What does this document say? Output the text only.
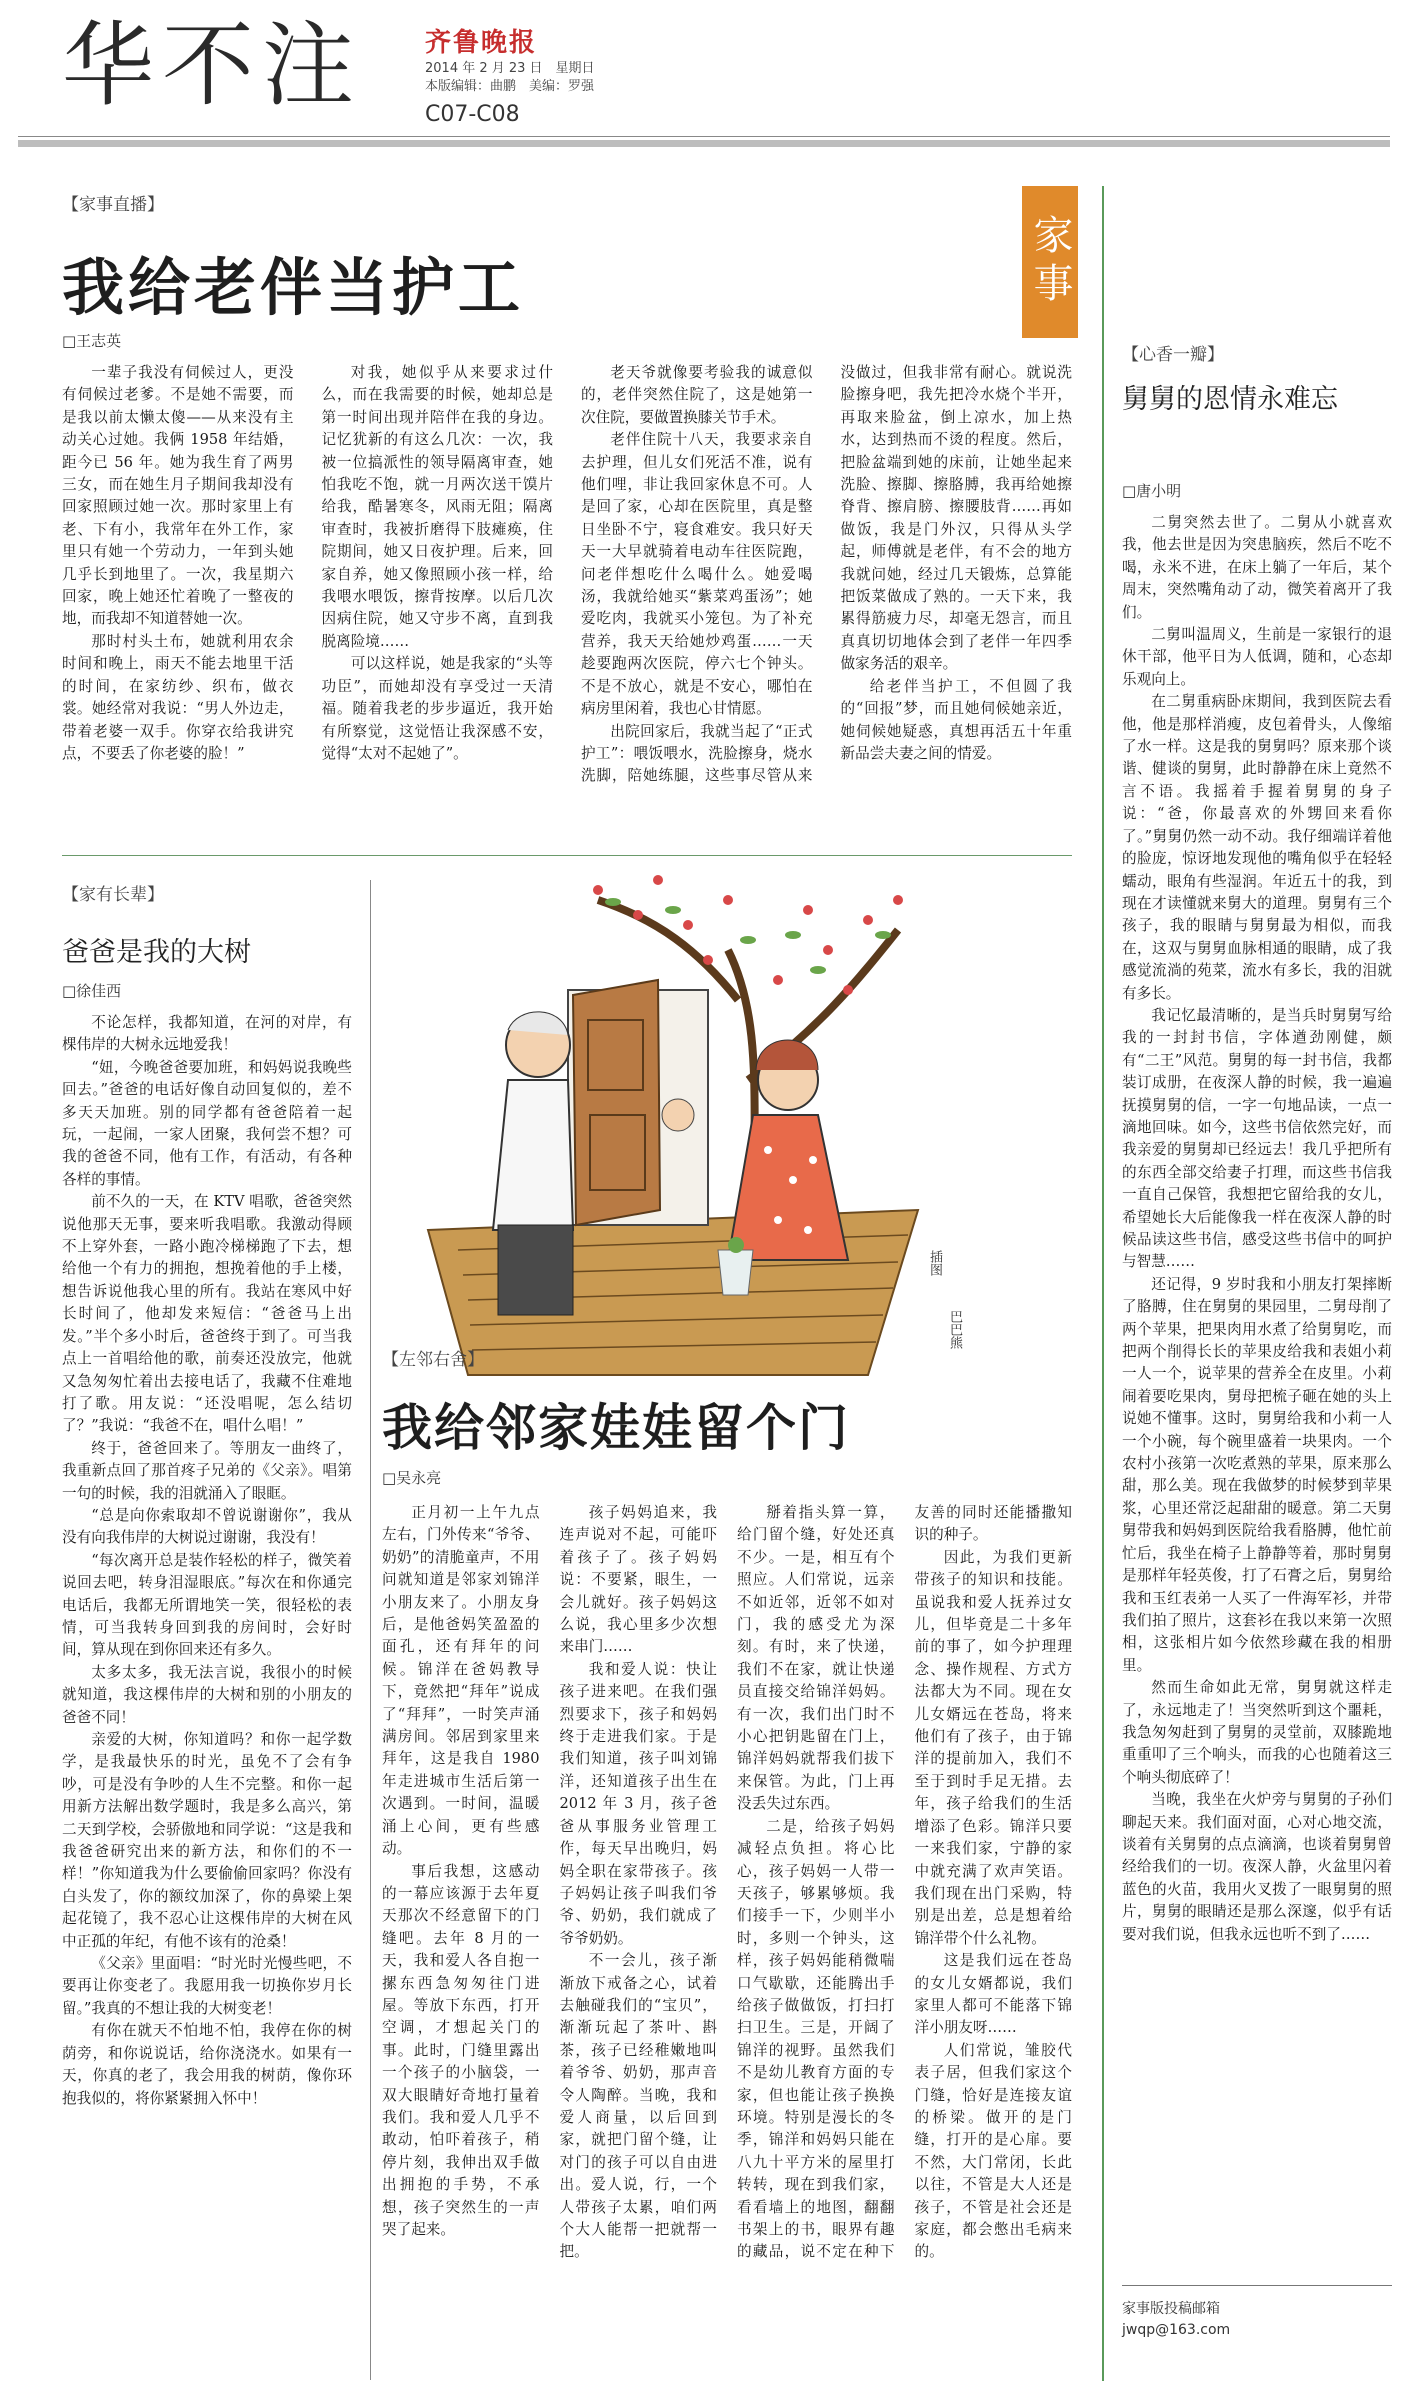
华不注 齐鲁晚报
2014 年 2 月 23 日　星期日
本版编辑：曲鹏　美编：罗强
C07-C08
家事
【家事直播】
我给老伴当护工
□王志英

一辈子我没有伺候过人，更没有伺候过老爹。不是她不需要，而是我以前太懒太傻——从来没有主动关心过她。我俩 1958 年结婚，距今已 56 年。她为我生育了两男三女，而在她生月子期间我却没有回家照顾过她一次。那时家里上有老、下有小，我常年在外工作，家里只有她一个劳动力，一年到头她几乎长到地里了。一次，我星期六回家，晚上她还忙着晚了一整夜的地，而我却不知道替她一次。

那时村头土布，她就利用农余时间和晚上，雨天不能去地里干活的时间，在家纺纱、织布，做衣裳。她经常对我说：“男人外边走，带着老婆一双手。你穿衣给我讲究点，不要丢了你老婆的脸！”

对我，她似乎从来要求过什么，而在我需要的时候，她却总是第一时间出现并陪伴在我的身边。记忆犹新的有这么几次：一次，我被一位搞派性的领导隔离审查，她怕我吃不饱，就一月两次送干馍片给我，酷暑寒冬，风雨无阻；隔离审查时，我被折磨得下肢瘫痪，住院期间，她又日夜护理。后来，回家自养，她又像照顾小孩一样，给我喂水喂饭，擦背按摩。以后几次因病住院，她又守步不离，直到我脱离险境……

可以这样说，她是我家的“头等功臣”，而她却没有享受过一天清福。随着我老的步步逼近，我开始有所察觉，这觉悟让我深感不安，觉得“太对不起她了”。

老天爷就像要考验我的诚意似的，老伴突然住院了，这是她第一次住院，要做置换膝关节手术。

老伴住院十八天，我要求亲自去护理，但儿女们死活不准，说有他们哩，非让我回家休息不可。人是回了家，心却在医院里，真是整日坐卧不宁，寝食难安。我只好天天一大早就骑着电动车往医院跑，问老伴想吃什么喝什么。她爱喝汤，我就给她买“紫菜鸡蛋汤”；她爱吃肉，我就买小笼包。为了补充营养，我天天给她炒鸡蛋……一天趁要跑两次医院，停六七个钟头。不是不放心，就是不安心，哪怕在病房里闲着，我也心甘情愿。

出院回家后，我就当起了“正式护工”：喂饭喂水，洗脸擦身，烧水洗脚，陪她练腿，这些事尽管从来没做过，但我非常有耐心。就说洗脸擦身吧，我先把冷水烧个半开，再取来脸盆，倒上凉水，加上热水，达到热而不烫的程度。然后，把脸盆端到她的床前，让她坐起来洗脸、擦脚、擦胳膊，我再给她擦脊背、擦肩膀、擦腰肢背……再如做饭，我是门外汉，只得从头学起，师傅就是老伴，有不会的地方我就问她，经过几天锻炼，总算能把饭菜做成了熟的。一天下来，我累得筋疲力尽，却毫无怨言，而且真真切切地体会到了老伴一年四季做家务活的艰辛。

给老伴当护工，不但圆了我的“回报”梦，而且她伺候她亲近，她伺候她疑惑，真想再活五十年重新品尝夫妻之间的情爱。

【家有长辈】
爸爸是我的大树
□徐佳西

不论怎样，我都知道，在河的对岸，有棵伟岸的大树永远地爱我！

“妞，今晚爸爸要加班，和妈妈说我晚些回去。”爸爸的电话好像自动回复似的，差不多天天加班。别的同学都有爸爸陪着一起玩，一起闹，一家人团聚，我何尝不想？可我的爸爸不同，他有工作，有活动，有各种各样的事情。

前不久的一天，在 KTV 唱歌，爸爸突然说他那天无事，要来听我唱歌。我激动得顾不上穿外套，一路小跑冷梯梯跑了下去，想给他一个有力的拥抱，想挽着他的手上楼，想告诉说他我心里的所有。我站在寒风中好长时间了，他却发来短信：“爸爸马上出发。”半个多小时后，爸爸终于到了。可当我点上一首唱给他的歌，前奏还没放完，他就又急匆匆忙着出去接电话了，我藏不住难地打了歌。用友说：“还没唱呢，怎么结切了？”我说：“我爸不在，唱什么唱！”

终于，爸爸回来了。等朋友一曲终了，我重新点回了那首疼子兄弟的《父亲》。唱第一句的时候，我的泪就涌入了眼眶。

“总是向你索取却不曾说谢谢你”，我从没有向我伟岸的大树说过谢谢，我没有！

“每次离开总是装作轻松的样子，微笑着说回去吧，转身泪湿眼底。”每次在和你通完电话后，我都无所谓地笑一笑，很轻松的表情，可当我转身回到我的房间时，会好时间，算从现在到你回来还有多久。

太多太多，我无法言说，我很小的时候就知道，我这棵伟岸的大树和别的小朋友的爸爸不同！

亲爱的大树，你知道吗？和你一起学数学，是我最快乐的时光，虽免不了会有争吵，可是没有争吵的人生不完整。和你一起用新方法解出数学题时，我是多么高兴，第二天到学校，会骄傲地和同学说：“这是我和我爸爸研究出来的新方法，和你们的不一样！”你知道我为什么要偷偷回家吗？你没有白头发了，你的额纹加深了，你的鼻梁上架起花镜了，我不忍心让这棵伟岸的大树在风中正孤的年纪，有他不该有的沧桑！

《父亲》里面唱：“时光时光慢些吧，不要再让你变老了。我愿用我一切换你岁月长留。”我真的不想让我的大树变老！

有你在就天不怕地不怕，我停在你的树荫旁，和你说说话，给你浇浇水。如果有一天，你真的老了，我会用我的树荫，像你环抱我似的，将你紧紧拥入怀中！

插图
巴巴熊
【左邻右舍】
我给邻家娃娃留个门
□吴永亮

正月初一上午九点左右，门外传来“爷爷、奶奶”的清脆童声，不用问就知道是邻家刘锦洋小朋友来了。小朋友身后，是他爸妈笑盈盈的面孔，还有拜年的问候。锦洋在爸妈教导下，竟然把“拜年”说成了“拜拜”，一时笑声涌满房间。邻居到家里来拜年，这是我自 1980 年走进城市生活后第一次遇到。一时间，温暖涌上心间，更有些感动。

事后我想，这感动的一幕应该源于去年夏天那次不经意留下的门缝吧。去年 8 月的一天，我和爱人各自抱一摞东西急匆匆往门进屋。等放下东西，打开空调，才想起关门的事。此时，门缝里露出一个孩子的小脑袋，一双大眼睛好奇地打量着我们。我和爱人几乎不敢动，怕吓着孩子，稍停片刻，我伸出双手做出拥抱的手势，不承想，孩子突然生的一声哭了起来。

孩子妈妈追来，我连声说对不起，可能吓着孩子了。孩子妈妈说：不要紧，眼生，一会儿就好。孩子妈妈这么说，我心里多少次想来串门……

我和爱人说：快让孩子进来吧。在我们强烈要求下，孩子和妈妈终于走进我们家。于是我们知道，孩子叫刘锦洋，还知道孩子出生在 2012 年 3 月，孩子爸爸从事服务业管理工作，每天早出晚归，妈妈全职在家带孩子。孩子妈妈让孩子叫我们爷爷、奶奶，我们就成了爷爷奶奶。

不一会儿，孩子渐渐放下戒备之心，试着去触碰我们的“宝贝”，渐渐玩起了茶叶、斟茶，孩子已经稚嫩地叫着爷爷、奶奶，那声音令人陶醉。当晚，我和爱人商量，以后回到家，就把门留个缝，让对门的孩子可以自由进出。爱人说，行，一个人带孩子太累，咱们两个大人能帮一把就帮一把。

掰着指头算一算，给门留个缝，好处还真不少。一是，相互有个照应。人们常说，远亲不如近邻，近邻不如对门，我的感受尤为深刻。有时，来了快递，我们不在家，就让快递员直接交给锦洋妈妈。有一次，我们出门时不小心把钥匙留在门上，锦洋妈妈就帮我们拔下来保管。为此，门上再没丢失过东西。

二是，给孩子妈妈减轻点负担。将心比心，孩子妈妈一人带一天孩子，够累够烦。我们接手一下，少则半小时，多则一个钟头，这样，孩子妈妈能稍微喘口气歇歇，还能腾出手给孩子做做饭，打扫打扫卫生。三是，开阔了锦洋的视野。虽然我们不是幼儿教育方面的专家，但也能让孩子换换环境。特别是漫长的冬季，锦洋和妈妈只能在八九十平方米的屋里打转转，现在到我们家，看看墙上的地图，翻翻书架上的书，眼界有趣的藏品，说不定在种下友善的同时还能播撒知识的种子。

因此，为我们更新带孩子的知识和技能。虽说我和爱人抚养过女儿，但毕竟是二十多年前的事了，如今护理理念、操作规程、方式方法都大为不同。现在女儿女婿远在苍岛，将来他们有了孩子，由于锦洋的提前加入，我们不至于到时手足无措。去年，孩子给我们的生活增添了色彩。锦洋只要一来我们家，宁静的家中就充满了欢声笑语。我们现在出门采购，特别是出差，总是想着给锦洋带个什么礼物。

这是我们远在苍岛的女儿女婿都说，我们家里人都可不能落下锦洋小朋友呀……

人们常说，雏胶代表子居，但我们家这个门缝，恰好是连接友谊的桥梁。做开的是门缝，打开的是心扉。要不然，大门常闭，长此以往，不管是大人还是孩子，不管是社会还是家庭，都会憋出毛病来的。

【心香一瓣】
舅舅的恩情永难忘
□唐小明

二舅突然去世了。二舅从小就喜欢我，他去世是因为突患脑疾，然后不吃不喝，永米不进，在床上躺了一年后，某个周末，突然嘴角动了动，微笑着离开了我们。

二舅叫温周义，生前是一家银行的退休干部，他平日为人低调，随和，心态却乐观向上。

在二舅重病卧床期间，我到医院去看他，他是那样消瘦，皮包着骨头，人像缩了水一样。这是我的舅舅吗？原来那个谈谐、健谈的舅舅，此时静静在床上竟然不言不语。我摇着手握着舅舅的身子说：“爸，你最喜欢的外甥回来看你了。”舅舅仍然一动不动。我仔细端详着他的脸庞，惊讶地发现他的嘴角似乎在轻轻蠕动，眼角有些湿润。年近五十的我，到现在才读懂就来舅大的道理。舅舅有三个孩子，我的眼睛与舅舅最为相似，而我在，这双与舅舅血脉相通的眼睛，成了我感觉流淌的苑菜，流水有多长，我的泪就有多长。

我记忆最清晰的，是当兵时舅舅写给我的一封封书信，字体遒劲刚健，颇有“二王”风范。舅舅的每一封书信，我都装订成册，在夜深人静的时候，我一遍遍抚摸舅舅的信，一字一句地品读，一点一滴地回味。如今，这些书信依然完好，而我亲爱的舅舅却已经远去！我几乎把所有的东西全部交给妻子打理，而这些书信我一直自己保管，我想把它留给我的女儿，希望她长大后能像我一样在夜深人静的时候品读这些书信，感受这些书信中的呵护与智慧……

还记得，9 岁时我和小朋友打架摔断了胳膊，住在舅舅的果园里，二舅母削了两个苹果，把果肉用水煮了给舅舅吃，而把两个削得长长的苹果皮给我和表姐小莉一人一个，说苹果的营养全在皮里。小莉闹着要吃果肉，舅母把梳子砸在她的头上说她不懂事。这时，舅舅给我和小莉一人一个小碗，每个碗里盛着一块果肉。一个农村小孩第一次吃煮熟的苹果，原来那么甜，那么美。现在我做梦的时候梦到苹果浆，心里还常泛起甜甜的暖意。第二天舅舅带我和妈妈到医院给我看胳膊，他忙前忙后，我坐在椅子上静静等着，那时舅舅是那样年轻英俊，打了石膏之后，舅舅给我和玉红表弟一人买了一件海军衫，并带我们拍了照片，这套衫在我以来第一次照相，这张相片如今依然珍藏在我的相册里。

然而生命如此无常，舅舅就这样走了，永远地走了！当突然听到这个噩耗，我急匆匆赶到了舅舅的灵堂前，双膝跪地重重叩了三个响头，而我的心也随着这三个响头彻底碎了！

当晚，我坐在火炉旁与舅舅的子孙们聊起天来。我们面对面，心对心地交流，谈着有关舅舅的点点滴滴，也谈着舅舅曾经给我们的一切。夜深人静，火盆里闪着蓝色的火苗，我用火叉拨了一眼舅舅的照片，舅舅的眼睛还是那么深邃，似乎有话要对我们说，但我永远也听不到了……

家事版投稿邮箱
jwqp@163.com
